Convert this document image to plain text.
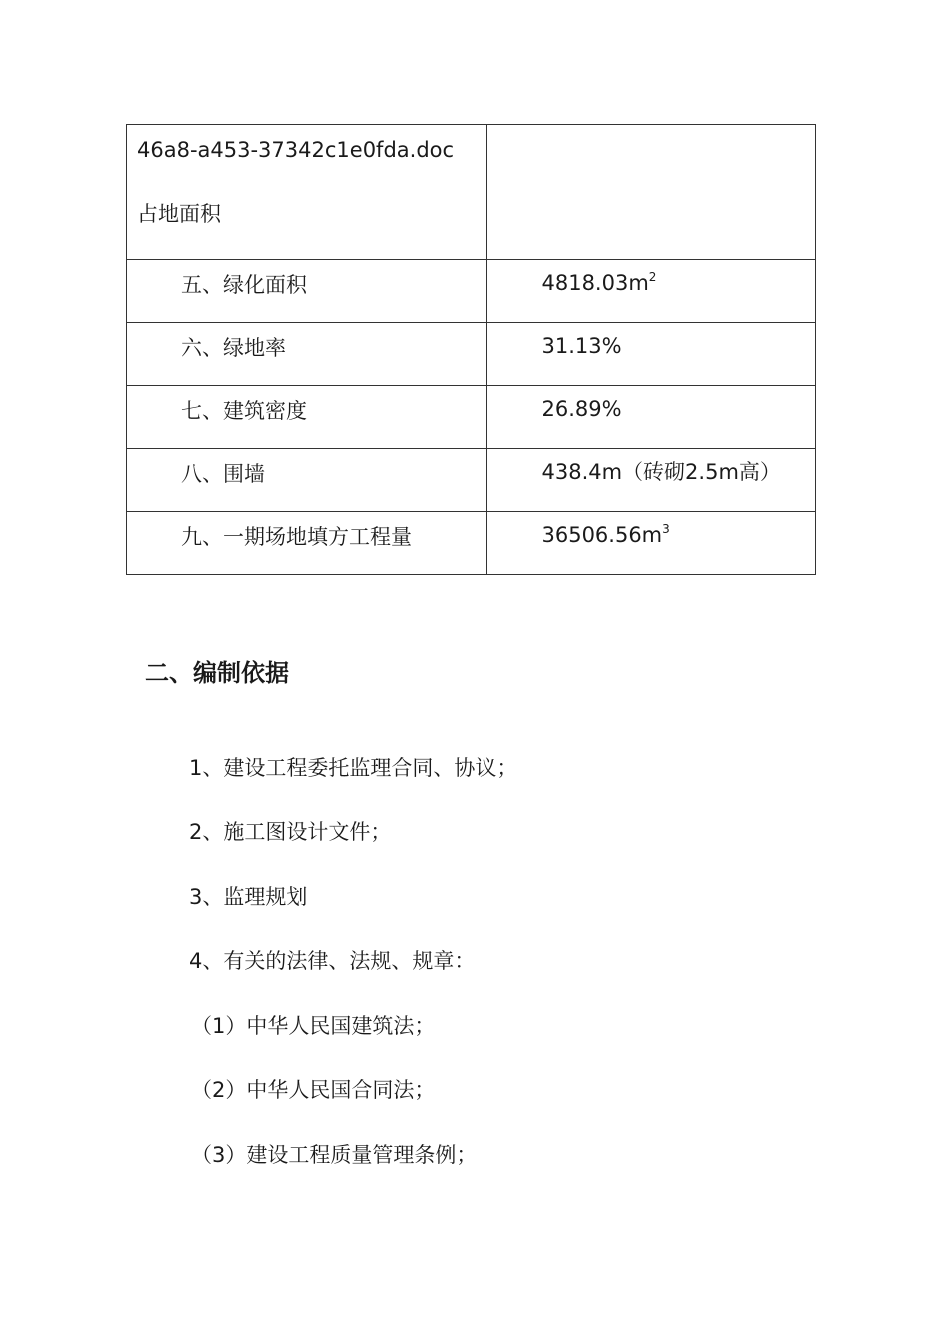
46a8-a453-37342c1e0fda.doc
占地面积	

五、绿化面积	$4818.03m^2$

六、绿地率	31.13%

七、建筑密度	26.89%

八、围墙	438.4m（砖砌2.5m高）

九、一期场地填方工程量	$36506.56m^3$
二、编制依据
1、建设工程委托监理合同、协议；
2、施工图设计文件；
3、监理规划
4、有关的法律、法规、规章：
（1）中华人民国建筑法；
（2）中华人民国合同法；
（3）建设工程质量管理条例；
